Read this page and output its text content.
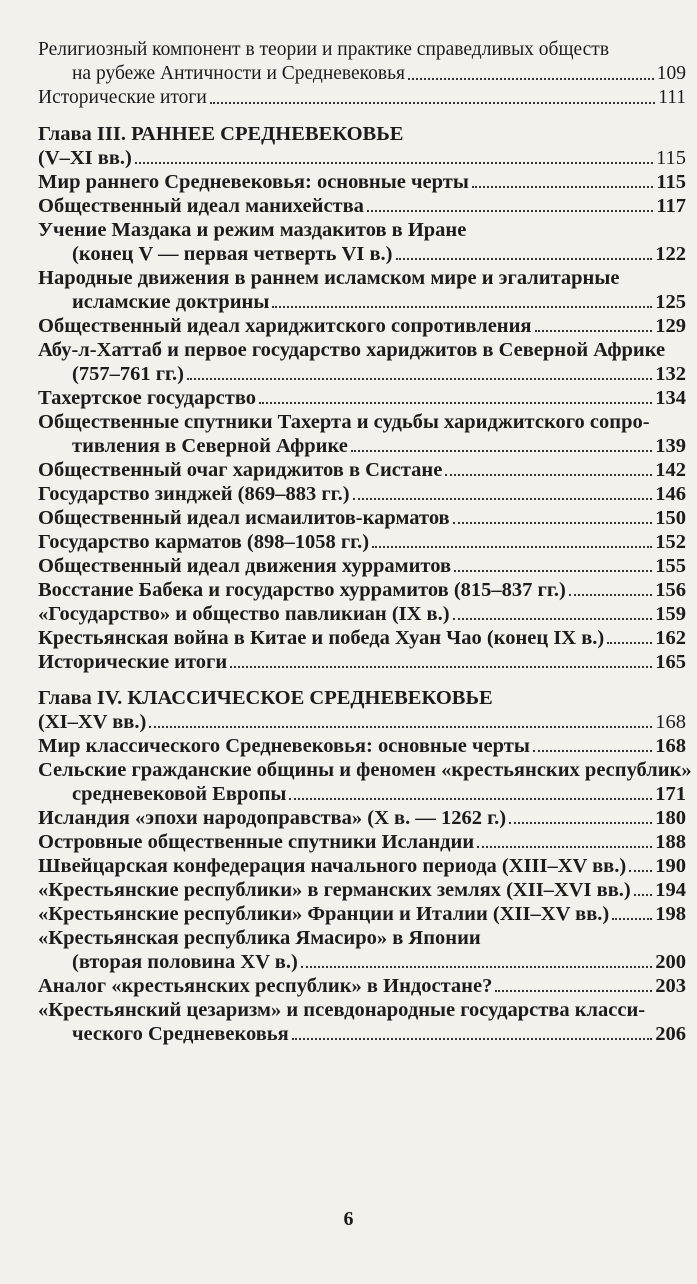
Религиозный компонент в теории и практике справедливых обществ
на рубеже Античности и Средневековья	109
Исторические итоги	111
Глава III. РАННЕЕ СРЕДНЕВЕКОВЬЕ
(V–XI вв.)	115
Мир раннего Средневековья: основные черты	115
Общественный идеал манихейства	117
Учение Маздака и режим маздакитов в Иране
(конец V — первая четверть VI в.)	122
Народные движения в раннем исламском мире и эгалитарные
исламские доктрины	125
Общественный идеал хариджитского сопротивления	129
Абу-л-Хаттаб и первое государство хариджитов в Северной Африке
(757–761 гг.)	132
Тахертское государство	134
Общественные спутники Тахерта и судьбы хариджитского сопро-
тивления в Северной Африке	139
Общественный очаг хариджитов в Систане	142
Государство зинджей (869–883 гг.)	146
Общественный идеал исмаилитов-карматов	150
Государство карматов (898–1058 гг.)	152
Общественный идеал движения хуррамитов	155
Восстание Бабека и государство хуррамитов (815–837 гг.)	156
«Государство» и общество павликиан (IX в.)	159
Крестьянская война в Китае и победа Хуан Чао (конец IX в.) 162
Исторические итоги	165
Глава IV. КЛАССИЧЕСКОЕ СРЕДНЕВЕКОВЬЕ
(XI–XV вв.)	168
Мир классического Средневековья: основные черты	168
Сельские гражданские общины и феномен «крестьянских республик»
средневековой Европы	171
Исландия «эпохи народоправства» (X в. — 1262 г.)	180
Островные общественные спутники Исландии	188
Швейцарская конфедерация начального периода (XIII–XV вв.) 190
«Крестьянские республики» в германских землях (XII–XVI вв.) 194
«Крестьянские республики» Франции и Италии (XII–XV вв.) 198
«Крестьянская республика Ямасиро» в Японии
(вторая половина XV в.)	200
Аналог «крестьянских республик» в Индостане?	203
«Крестьянский цезаризм» и псевдонародные государства класси-
ческого Средневековья	206
6
